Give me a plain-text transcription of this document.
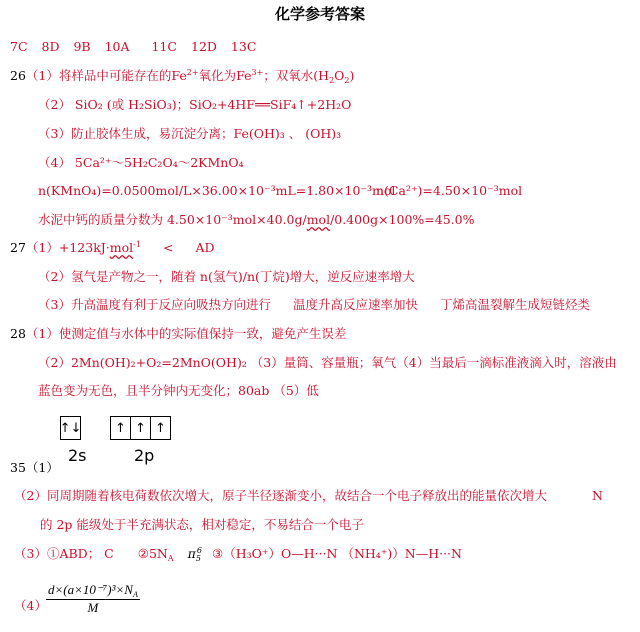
化学参考答案
7C 8D 9B 10A 11C 12D 13C
26（1）将样品中可能存在的$Fe^{2+}$氧化为$Fe^{3+}$；双氧水$(H_2O_2)$
（2） SiO₂ (或 H₂SiO₃)；SiO₂+4HF══SiF₄↑+2H₂O
（3）防止胶体生成，易沉淀分离；Fe(OH)₃ 、 (OH)₃
（4） 5Ca²⁺～5H₂C₂O₄～2KMnO₄
n(KMnO₄)=0.0500mol/L×36.00×10⁻³mL=1.80×10⁻³mol
n(Ca²⁺)=4.50×10⁻³mol
水泥中钙的质量分数为 4.50×10⁻³mol×40.0g/mol/0.400g×100%=45.0%
27（1）+123kJ·mol$^{-1}$ < AD
（2）氢气是产物之一，随着 n(氢气)/n(丁烷)增大，逆反应速率增大
（3）升高温度有利于反应向吸热方向进行 温度升高反应速率加快 丁烯高温裂解生成短链烃类
28（1）使测定值与水体中的实际值保持一致，避免产生误差
（2）2Mn(OH)₂+O₂=2MnO(OH)₂ （3）量筒、容量瓶；氧气（4）当最后一滴标准液滴入时，溶液由
蓝色变为无色，且半分钟内无变化；80ab （5）低
↑↓	↑ ↑ ↑
2s	2p
35（1）
（2）同周期随着核电荷数依次增大，原子半径逐渐变小，故结合一个电子释放出的能量依次增大	N
的 2p 能级处于半充满状态，相对稳定，不易结合一个电子
（3）①ABD； C $②5N_A$ $\pi_5^6$ ③（H₃O⁺）O—H···N （NH₄⁺)）N—H···N
$(4) \frac{d\times(a\times 10^{-7})^3\times N_A}{M}$
